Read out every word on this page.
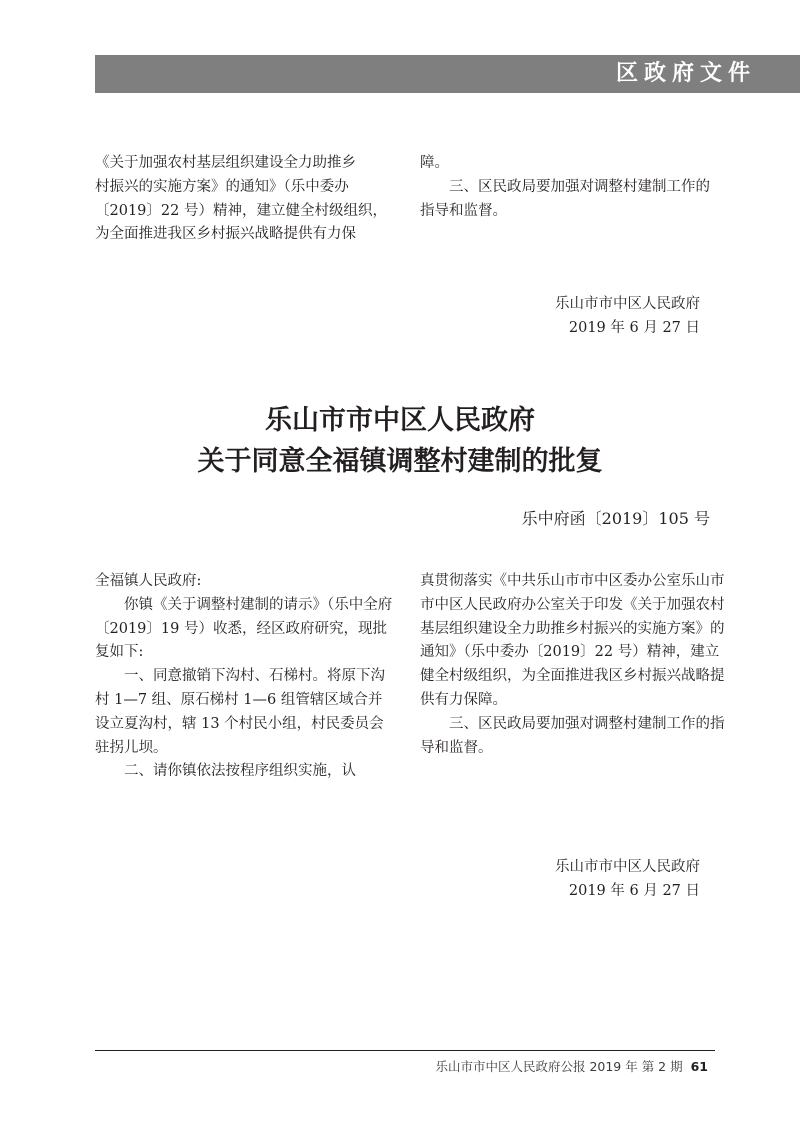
区政府文件

《关于加强农村基层组织建设全力助推乡

村振兴的实施方案》的通知》（乐中委办

〔2019〕22 号）精神，建立健全村级组织，

为全面推进我区乡村振兴战略提供有力保

障。

三、区民政局要加强对调整村建制工作的指导和监督。

乐山市市中区人民政府
2019 年 6 月 27 日
乐山市市中区人民政府
关于同意全福镇调整村建制的批复
乐中府函〔2019〕105 号

全福镇人民政府:

你镇《关于调整村建制的请示》（乐中全府〔2019〕19 号）收悉，经区政府研究，现批复如下:

一、同意撤销下沟村、石梯村。将原下沟村 1—7 组、原石梯村 1—6 组管辖区域合并设立夏沟村，辖 13 个村民小组，村民委员会驻拐儿坝。

二、请你镇依法按程序组织实施，认

真贯彻落实《中共乐山市市中区委办公室乐山市市中区人民政府办公室关于印发《关于加强农村基层组织建设全力助推乡村振兴的实施方案》的通知》（乐中委办〔2019〕22 号）精神，建立健全村级组织，为全面推进我区乡村振兴战略提供有力保障。

三、区民政局要加强对调整村建制工作的指导和监督。

乐山市市中区人民政府
2019 年 6 月 27 日
乐山市市中区人民政府公报 2019 年 第 2 期 61
